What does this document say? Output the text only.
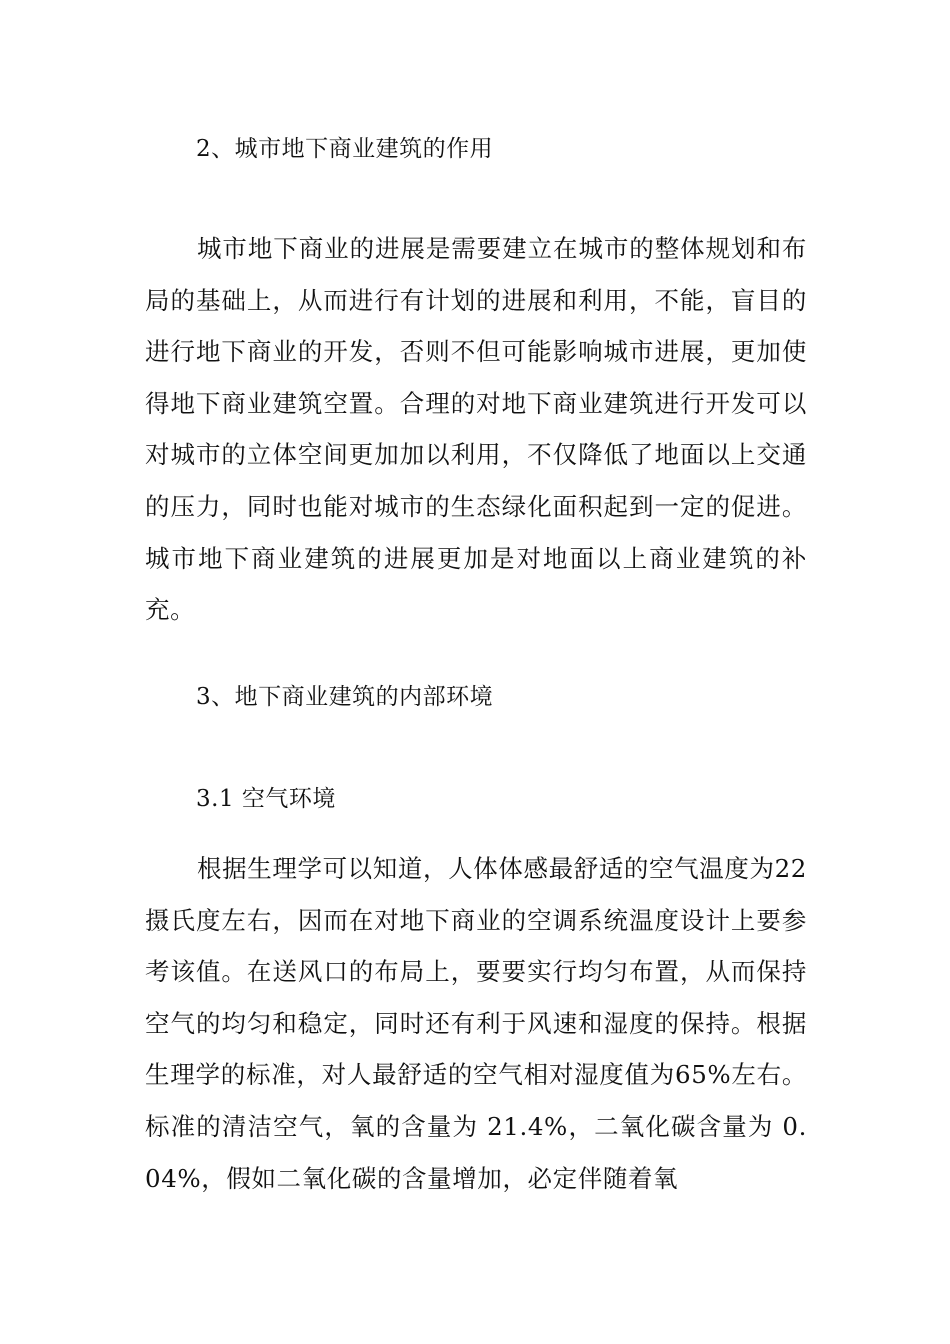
2、城市地下商业建筑的作用

城市地下商业的进展是需要建立在城市的整体规划和布局的基础上，从而进行有计划的进展和利用，不能，盲目的进行地下商业的开发，否则不但可能影响城市进展，更加使得地下商业建筑空置。合理的对地下商业建筑进行开发可以对城市的立体空间更加加以利用，不仅降低了地面以上交通的压力，同时也能对城市的生态绿化面积起到一定的促进。城市地下商业建筑的进展更加是对地面以上商业建筑的补充。

3、地下商业建筑的内部环境
3.1 空气环境

根据生理学可以知道，人体体感最舒适的空气温度为22摄氏度左右，因而在对地下商业的空调系统温度设计上要参考该值。在送风口的布局上，要要实行均匀布置，从而保持空气的均匀和稳定，同时还有利于风速和湿度的保持。根据生理学的标准，对人最舒适的空气相对湿度值为65%左右。标准的清洁空气，氧的含量为 21.4%，二氧化碳含量为 0.04%，假如二氧化碳的含量增加，必定伴随着氧
